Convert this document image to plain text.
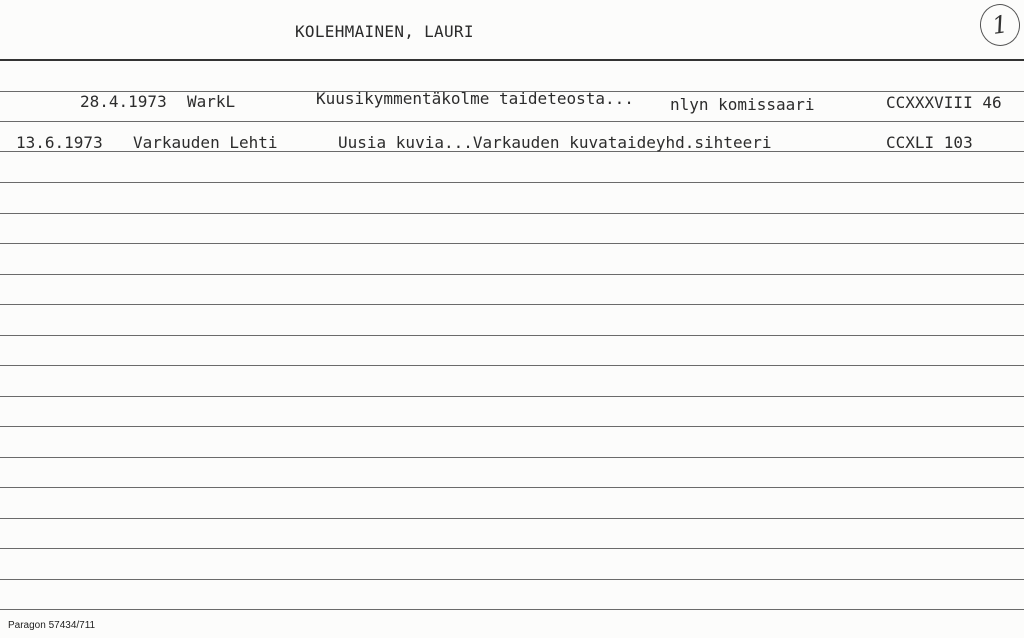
KOLEHMAINEN, LAURI	1
28.4.1973 WarkL	Kuusikymmentäkolme taideteosta... nlyn komissaari	CCXXXVIII 46
13.6.1973 Varkauden Lehti	Uusia kuvia...Varkauden kuvataideyhd.sihteeri	CCXLI 103
Paragon 57434/711
